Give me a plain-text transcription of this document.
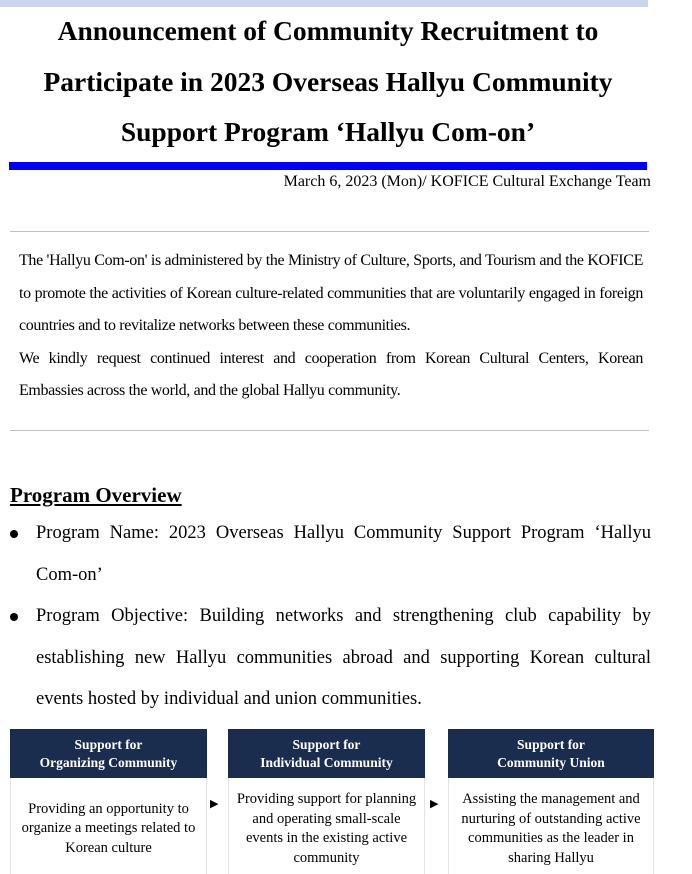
Announcement of Community Recruitment to
Participate in 2023 Overseas Hallyu Community
Support Program ‘Hallyu Com-on’
March 6, 2023 (Mon)/ KOFICE Cultural Exchange Team

The 'Hallyu Com-on' is administered by the Ministry of Culture, Sports, and Tourism and the KOFICE to promote the activities of Korean culture-related communities that are voluntarily engaged in foreign countries and to revitalize networks between these communities.

We kindly request continued interest and cooperation from Korean Cultural Centers, Korean Embassies across the world, and the global Hallyu community.

Program Overview
Program Name: 2023 Overseas Hallyu Community Support Program ‘Hallyu Com-on’
Program Objective: Building networks and strengthening club capability by establishing new Hallyu communities abroad and supporting Korean cultural events hosted by individual and union communities.
Support for
Organizing Community
Providing an opportunity to organize a meetings related to Korean culture
▶
Support for
Individual Community
Providing support for planning and operating small-scale events in the existing active community
▶
Support for
Community Union
Assisting the management and nurturing of outstanding active communities as the leader in sharing Hallyu
